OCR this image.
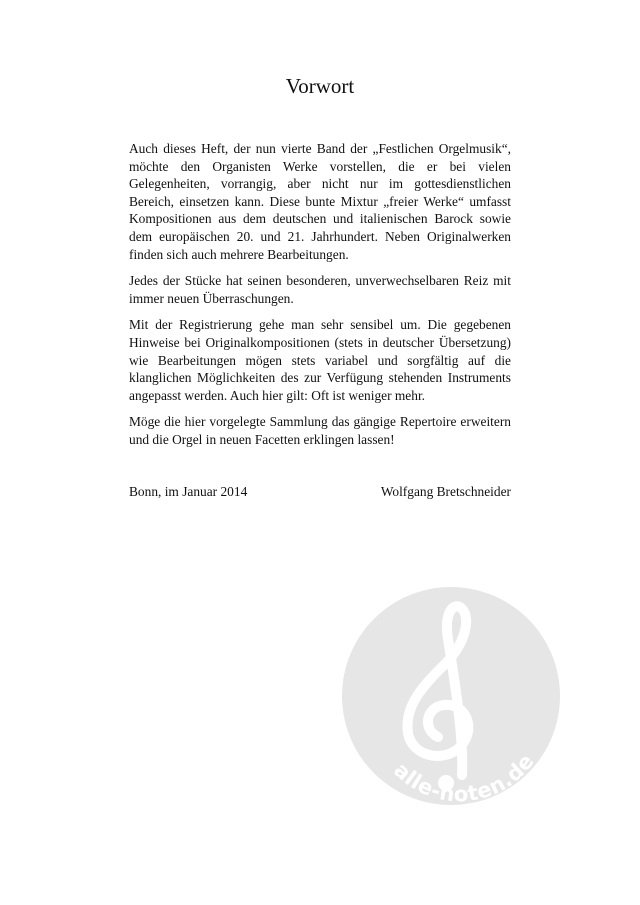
Vorwort

Auch dieses Heft, der nun vierte Band der „Festlichen Orgelmusik“, möchte den Organisten Werke vorstellen, die er bei vielen Gelegenheiten, vorrangig, aber nicht nur im gottesdienstlichen Bereich, einsetzen kann. Diese bunte Mixtur „freier Werke“ umfasst Kompositionen aus dem deutschen und italienischen Barock sowie dem europäischen 20. und 21. Jahrhundert. Neben Originalwerken finden sich auch mehrere Bearbeitungen.

Jedes der Stücke hat seinen besonderen, unverwechselbaren Reiz mit immer neuen Überraschungen.

Mit der Registrierung gehe man sehr sensibel um. Die gegebenen Hinweise bei Originalkompositionen (stets in deutscher Übersetzung) wie Bearbeitungen mögen stets variabel und sorgfältig auf die klanglichen Möglichkeiten des zur Verfügung stehenden Instruments angepasst werden. Auch hier gilt: Oft ist weniger mehr.

Möge die hier vorgelegte Sammlung das gängige Repertoire erweitern und die Orgel in neuen Facetten erklingen lassen!

Bonn, im Januar 2014	Wolfgang Bretschneider
alle-noten.de
